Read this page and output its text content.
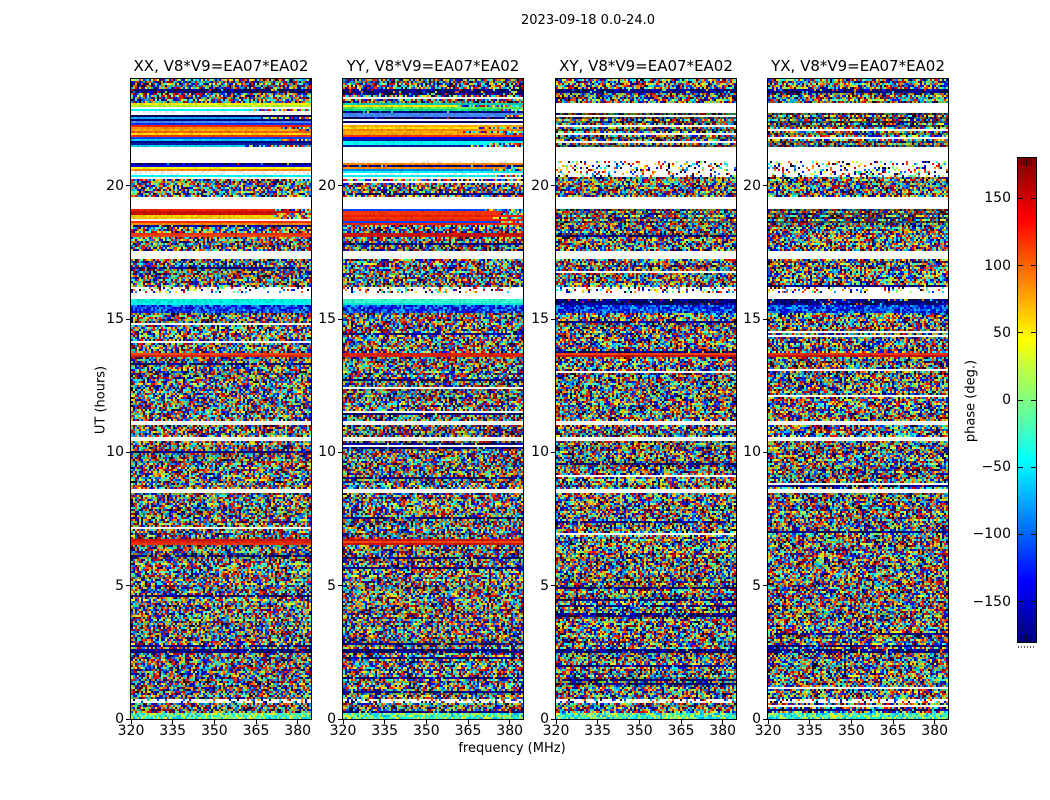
2023-09-18 0.0-24.0
XX, V8*V9=EA07*EA02
320	335	350	365	380
0
5
10
15
20
YY, V8*V9=EA07*EA02
320	335	350	365	380
0
5
10
15
20
XY, V8*V9=EA07*EA02
320	335	350	365	380
0
5
10
15
20
YX, V8*V9=EA07*EA02
320	335	350	365	380
0
5
10
15
20
frequency (MHz)
UT (hours)
150
100
50
0
−50
−100
−150
phase (deg.)
